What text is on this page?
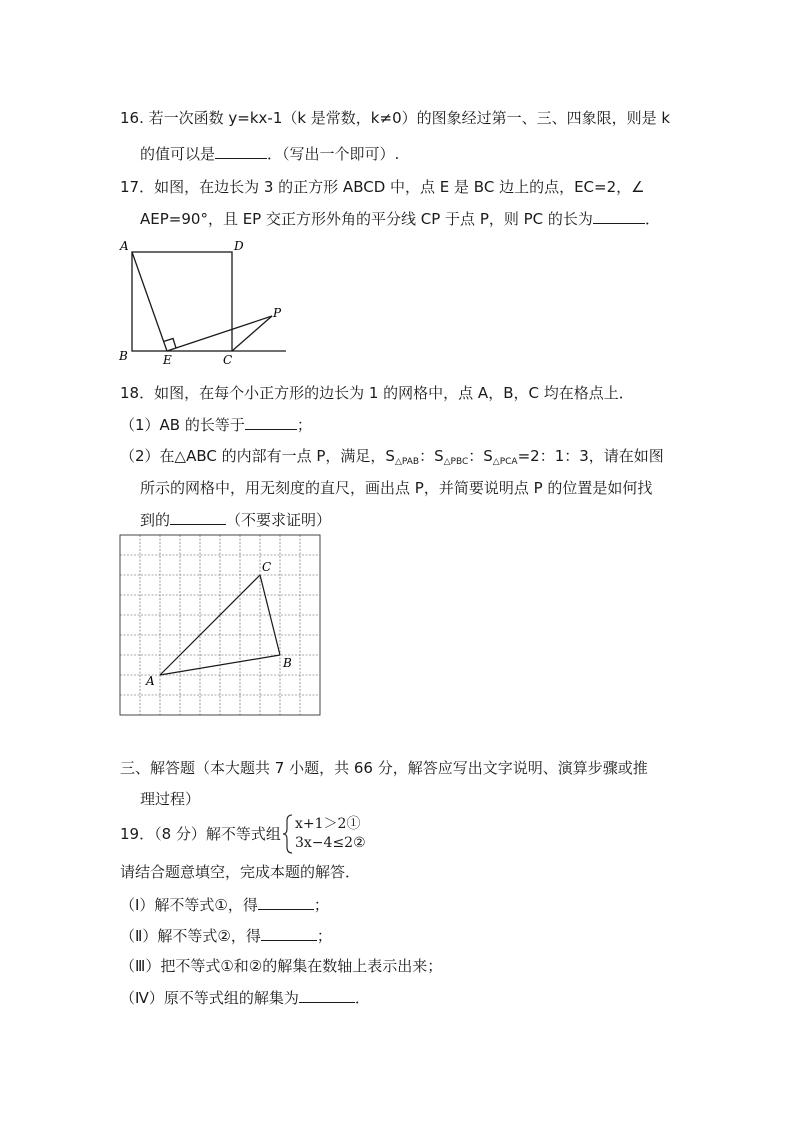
16. 若一次函数 y=kx-1（k 是常数，k≠0）的图象经过第一、三、四象限，则是 k
的值可以是	．（写出一个即可）.
17．如图，在边长为 3 的正方形 ABCD 中，点 E 是 BC 边上的点，EC=2，∠
AEP=90°，且 EP 交正方形外角的平分线 CP 于点 P，则 PC 的长为	．
A	D
B	E	C
P
18．如图，在每个小正方形的边长为 1 的网格中，点 A，B，C 均在格点上．
（1）AB 的长等于	；
（2）在△ABC 的内部有一点 P，满足，$S_{\triangle PAB}$：$S_{\triangle PBC}$：$S_{\triangle PCA}=2$：1：3，请在如图
所示的网格中，用无刻度的直尺，画出点 P，并简要说明点 P 的位置是如何找
到的	（不要求证明）
A
B
C
三、解答题（本大题共 7 小题，共 66 分，解答应写出文字说明、演算步骤或推
理过程）
19．（8 分）解不等式组
x+1＞2①
3x−4≤2②
请结合题意填空，完成本题的解答．
（Ⅰ）解不等式①，得	；
（Ⅱ）解不等式②，得	；
（Ⅲ）把不等式①和②的解集在数轴上表示出来；
（Ⅳ）原不等式组的解集为	．
